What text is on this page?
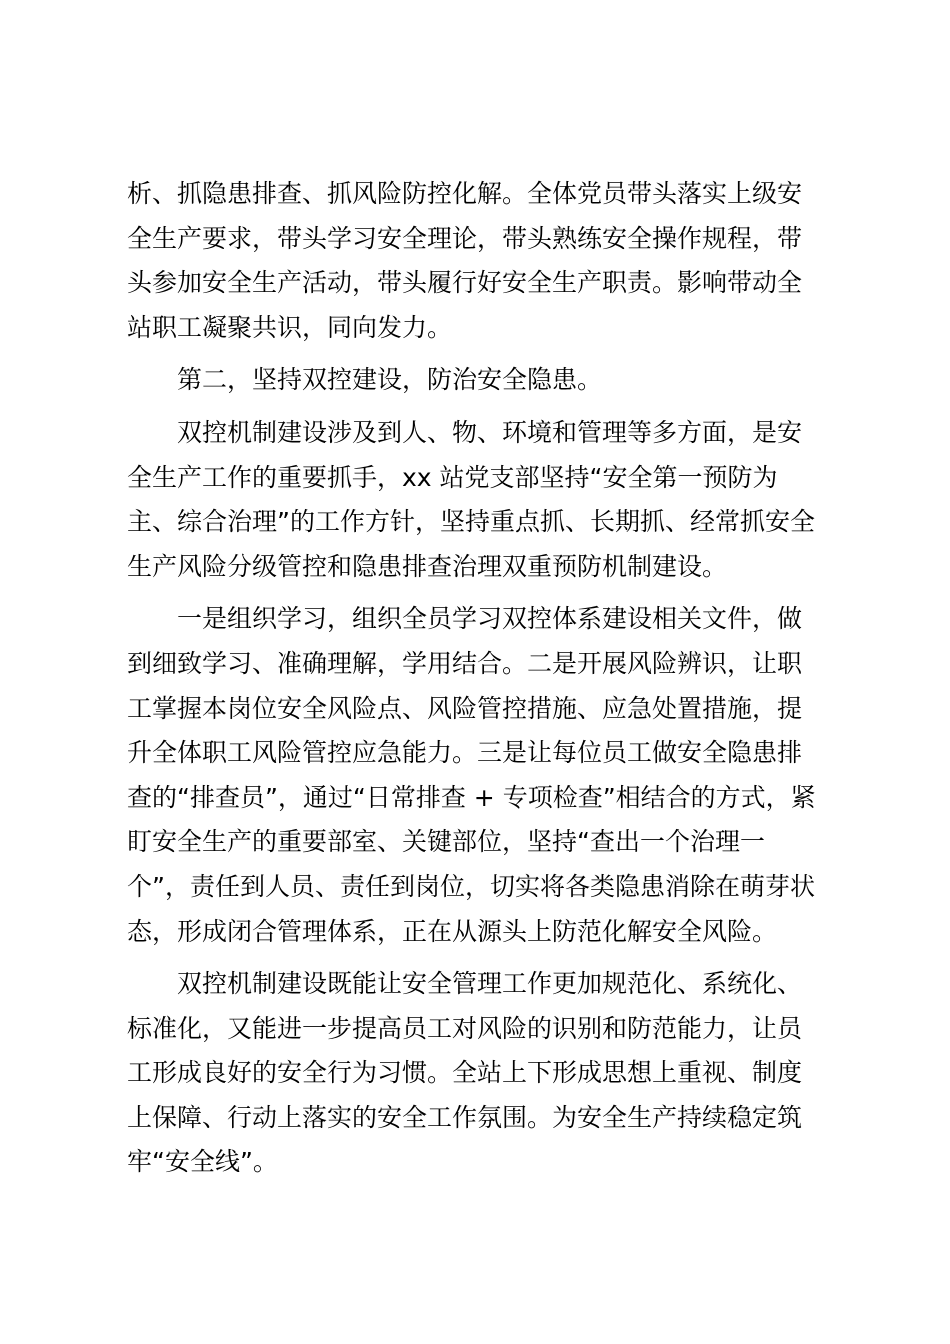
析、抓隐患排查、抓风险防控化解。全体党员带头落实上级安
全生产要求，带头学习安全理论，带头熟练安全操作规程，带
头参加安全生产活动，带头履行好安全生产职责。影响带动全
站职工凝聚共识，同向发力。
第二，坚持双控建设，防治安全隐患。
双控机制建设涉及到人、物、环境和管理等多方面，是安
全生产工作的重要抓手，xx 站党支部坚持“安全第一预防为
主、综合治理”的工作方针，坚持重点抓、长期抓、经常抓安全
生产风险分级管控和隐患排查治理双重预防机制建设。
一是组织学习，组织全员学习双控体系建设相关文件，做
到细致学习、准确理解，学用结合。二是开展风险辨识，让职
工掌握本岗位安全风险点、风险管控措施、应急处置措施，提
升全体职工风险管控应急能力。三是让每位员工做安全隐患排
查的“排查员”，通过“日常排查 + 专项检查”相结合的方式，紧
盯安全生产的重要部室、关键部位，坚持“查出一个治理一
个”，责任到人员、责任到岗位，切实将各类隐患消除在萌芽状
态，形成闭合管理体系，正在从源头上防范化解安全风险。
双控机制建设既能让安全管理工作更加规范化、系统化、
标准化，又能进一步提高员工对风险的识别和防范能力，让员
工形成良好的安全行为习惯。全站上下形成思想上重视、制度
上保障、行动上落实的安全工作氛围。为安全生产持续稳定筑
牢“安全线”。
